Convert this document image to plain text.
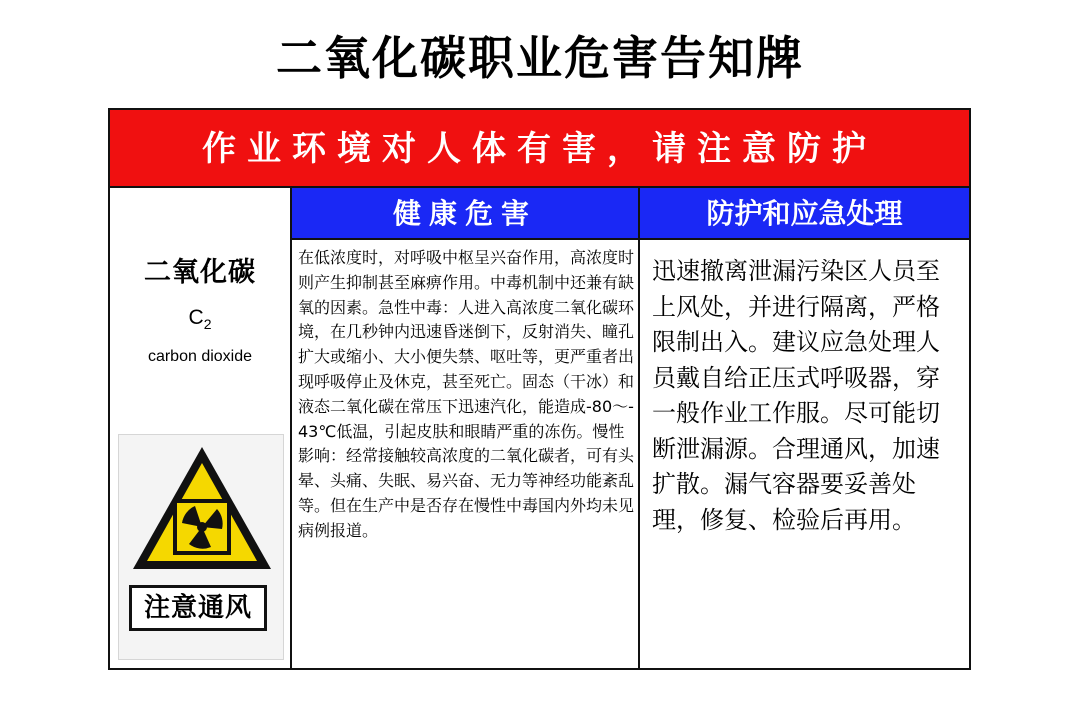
二氧化碳职业危害告知牌
作业环境对人体有害，请注意防护
二氧化碳
$C_2$
carbon dioxide
注意通风
健康危害	防护和应急处理

在低浓度时，对呼吸中枢呈兴奋作用，高浓度时则产生抑制甚至麻痹作用。中毒机制中还兼有缺氧的因素。急性中毒：人进入高浓度二氧化碳环境，在几秒钟内迅速昏迷倒下，反射消失、瞳孔扩大或缩小、大小便失禁、呕吐等，更严重者出现呼吸停止及休克，甚至死亡。固态（干冰）和液态二氧化碳在常压下迅速汽化，能造成-80～-43℃低温，引起皮肤和眼睛严重的冻伤。慢性影响：经常接触较高浓度的二氧化碳者，可有头晕、头痛、失眠、易兴奋、无力等神经功能紊乱等。但在生产中是否存在慢性中毒国内外均未见病例报道。

迅速撤离泄漏污染区人员至上风处，并进行隔离，严格限制出入。建议应急处理人员戴自给正压式呼吸器，穿一般作业工作服。尽可能切断泄漏源。合理通风，加速扩散。漏气容器要妥善处理，修复、检验后再用。
